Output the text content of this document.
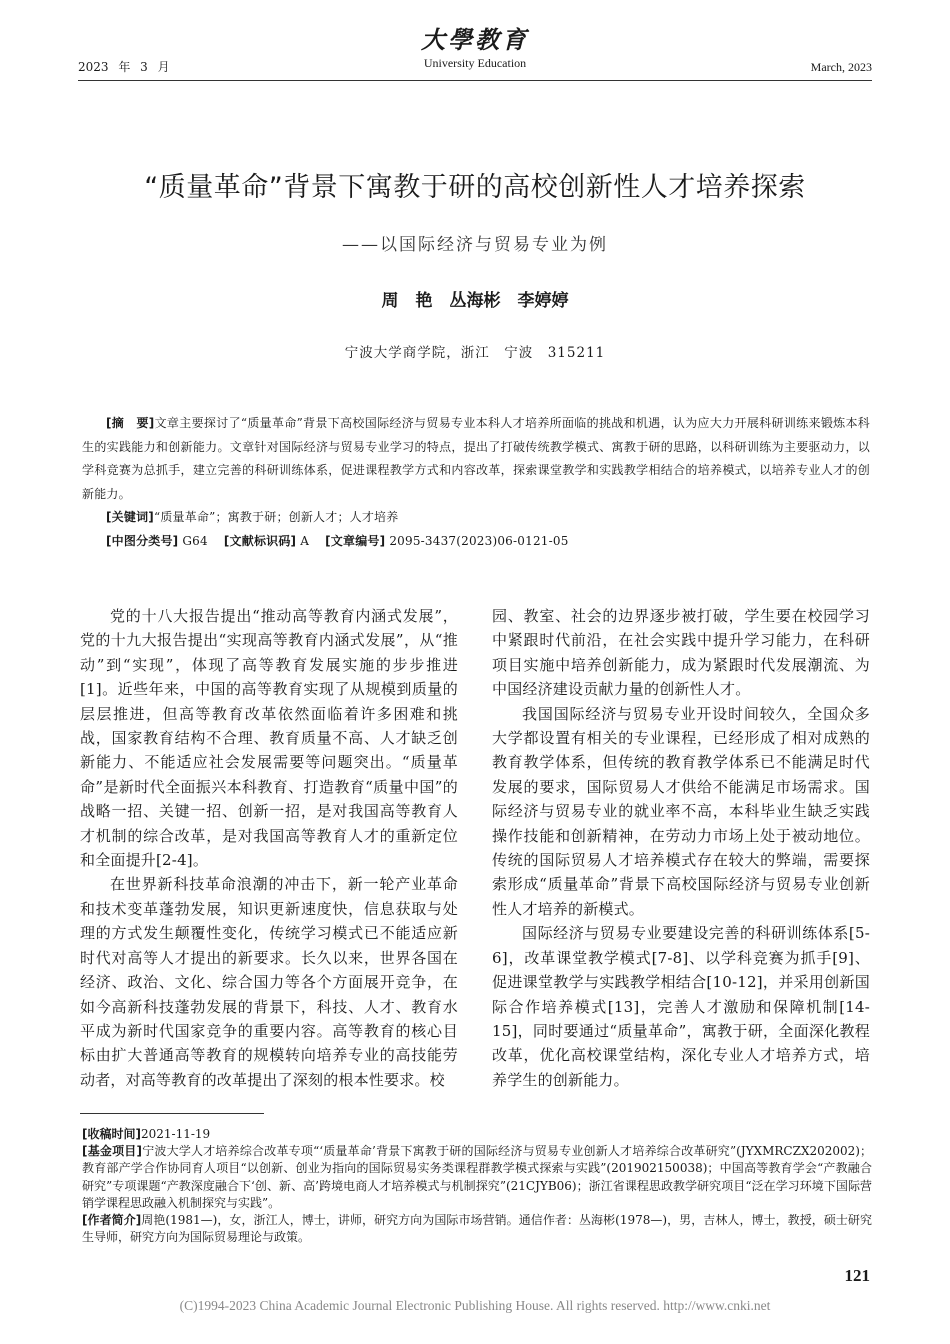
大學教育
University Education
2023 年 3 月	March, 2023
“质量革命”背景下寓教于研的高校创新性人才培养探索
——以国际经济与贸易专业为例
周　艳　丛海彬　李婷婷
宁波大学商学院，浙江　宁波　315211

[摘　要]文章主要探讨了“质量革命”背景下高校国际经济与贸易专业本科人才培养所面临的挑战和机遇，认为应大力开展科研训练来锻炼本科生的实践能力和创新能力。文章针对国际经济与贸易专业学习的特点，提出了打破传统教学模式、寓教于研的思路，以科研训练为主要驱动力，以学科竞赛为总抓手，建立完善的科研训练体系，促进课程教学方式和内容改革，探索课堂教学和实践教学相结合的培养模式，以培养专业人才的创新能力。

[关键词]“质量革命”；寓教于研；创新人才；人才培养

[中图分类号] G64 [文献标识码] A [文章编号] 2095-3437(2023)06-0121-05

党的十八大报告提出“推动高等教育内涵式发展”，党的十九大报告提出“实现高等教育内涵式发展”，从“推动”到“实现”，体现了高等教育发展实施的步步推进[1]。近些年来，中国的高等教育实现了从规模到质量的层层推进，但高等教育改革依然面临着许多困难和挑战，国家教育结构不合理、教育质量不高、人才缺乏创新能力、不能适应社会发展需要等问题突出。“质量革命”是新时代全面振兴本科教育、打造教育“质量中国”的战略一招、关键一招、创新一招，是对我国高等教育人才机制的综合改革，是对我国高等教育人才的重新定位和全面提升[2-4]。

在世界新科技革命浪潮的冲击下，新一轮产业革命和技术变革蓬勃发展，知识更新速度快，信息获取与处理的方式发生颠覆性变化，传统学习模式已不能适应新时代对高等人才提出的新要求。长久以来，世界各国在经济、政治、文化、综合国力等各个方面展开竞争，在如今高新科技蓬勃发展的背景下，科技、人才、教育水平成为新时代国家竞争的重要内容。高等教育的核心目标由扩大普通高等教育的规模转向培养专业的高技能劳动者，对高等教育的改革提出了深刻的根本性要求。校

园、教室、社会的边界逐步被打破，学生要在校园学习中紧跟时代前沿，在社会实践中提升学习能力，在科研项目实施中培养创新能力，成为紧跟时代发展潮流、为中国经济建设贡献力量的创新性人才。

我国国际经济与贸易专业开设时间较久，全国众多大学都设置有相关的专业课程，已经形成了相对成熟的教育教学体系，但传统的教育教学体系已不能满足时代发展的要求，国际贸易人才供给不能满足市场需求。国际经济与贸易专业的就业率不高，本科毕业生缺乏实践操作技能和创新精神，在劳动力市场上处于被动地位。传统的国际贸易人才培养模式存在较大的弊端，需要探索形成“质量革命”背景下高校国际经济与贸易专业创新性人才培养的新模式。

国际经济与贸易专业要建设完善的科研训练体系[5-6]，改革课堂教学模式[7-8]、以学科竞赛为抓手[9]、促进课堂教学与实践教学相结合[10-12]，并采用创新国际合作培养模式[13]，完善人才激励和保障机制[14-15]，同时要通过“质量革命”，寓教于研，全面深化教程改革，优化高校课堂结构，深化专业人才培养方式，培养学生的创新能力。

[收稿时间]2021-11-19

[基金项目]宁波大学人才培养综合改革专项“‘质量革命’背景下寓教于研的国际经济与贸易专业创新人才培养综合改革研究”(JYXMRCZX202002)；教育部产学合作协同育人项目“以创新、创业为指向的国际贸易实务类课程群教学模式探索与实践”(201902150038)；中国高等教育学会“产教融合研究”专项课题“产教深度融合下‘创、新、高’跨境电商人才培养模式与机制探究”(21CJYB06)；浙江省课程思政教学研究项目“泛在学习环境下国际营销学课程思政融入机制探究与实践”。

[作者简介]周艳(1981—)，女，浙江人，博士，讲师，研究方向为国际市场营销。通信作者：丛海彬(1978—)，男，吉林人，博士，教授，硕士研究生导师，研究方向为国际贸易理论与政策。

121
(C)1994-2023 China Academic Journal Electronic Publishing House. All rights reserved. http://www.cnki.net
